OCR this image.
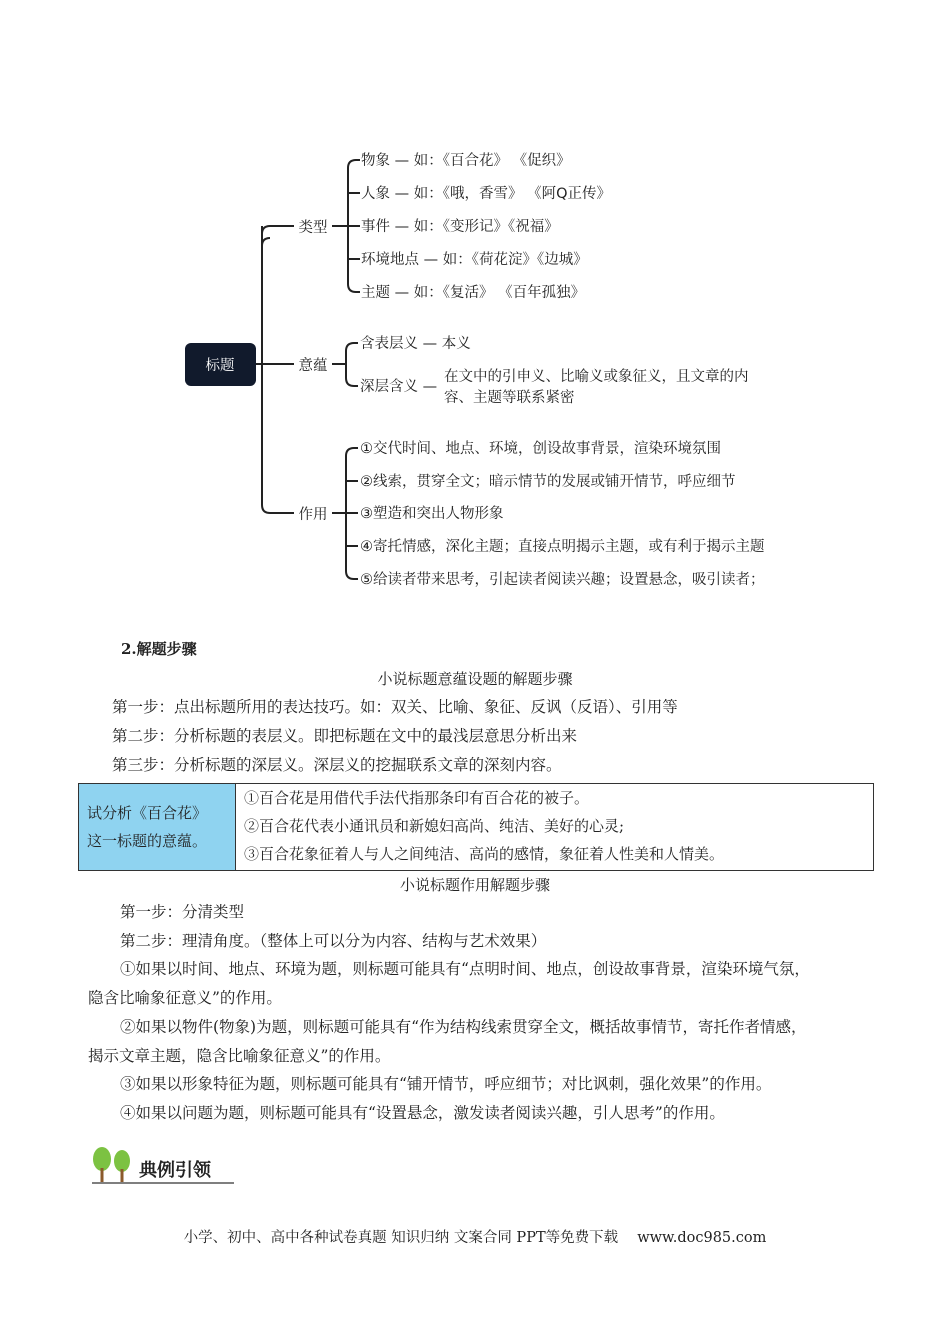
标题
类型
意蕴
作用
物象 — 如：《百合花》 《促织》
人象 — 如：《哦，香雪》 《阿Q正传》
事件 — 如：《变形记》《祝福》
环境地点 — 如：《荷花淀》《边城》
主题 — 如：《复活》 《百年孤独》
含表层义 — 本义
深层含义 —
在文中的引申义、比喻义或象征义，且文章的内
容、主题等联系紧密
①交代时间、地点、环境，创设故事背景，渲染环境氛围
②线索，贯穿全文；暗示情节的发展或铺开情节，呼应细节
③塑造和突出人物形象
④寄托情感，深化主题；直接点明揭示主题，或有利于揭示主题
⑤给读者带来思考，引起读者阅读兴趣；设置悬念，吸引读者；
2.解题步骤
小说标题意蕴设题的解题步骤
第一步：点出标题所用的表达技巧。如：双关、比喻、象征、反讽（反语）、引用等
第二步：分析标题的表层义。即把标题在文中的最浅层意思分析出来
第三步：分析标题的深层义。深层义的挖掘联系文章的深刻内容。
试分析《百合花》
这一标题的意蕴。

①百合花是用借代手法代指那条印有百合花的被子。
②百合花代表小通讯员和新媳妇高尚、纯洁、美好的心灵;
③百合花象征着人与人之间纯洁、高尚的感情，象征着人性美和人情美。
小说标题作用解题步骤
第一步：分清类型
第二步：理清角度。（整体上可以分为内容、结构与艺术效果）
①如果以时间、地点、环境为题，则标题可能具有“点明时间、地点，创设故事背景，渲染环境气氛，
隐含比喻象征意义”的作用。
②如果以物件(物象)为题，则标题可能具有“作为结构线索贯穿全文，概括故事情节，寄托作者情感，
揭示文章主题，隐含比喻象征意义”的作用。
③如果以形象特征为题，则标题可能具有“铺开情节，呼应细节；对比讽刺，强化效果”的作用。
④如果以问题为题，则标题可能具有“设置悬念，激发读者阅读兴趣，引人思考”的作用。
典例引领
小学、初中、高中各种试卷真题 知识归纳 文案合同 PPT等免费下载　 www.doc985.com
